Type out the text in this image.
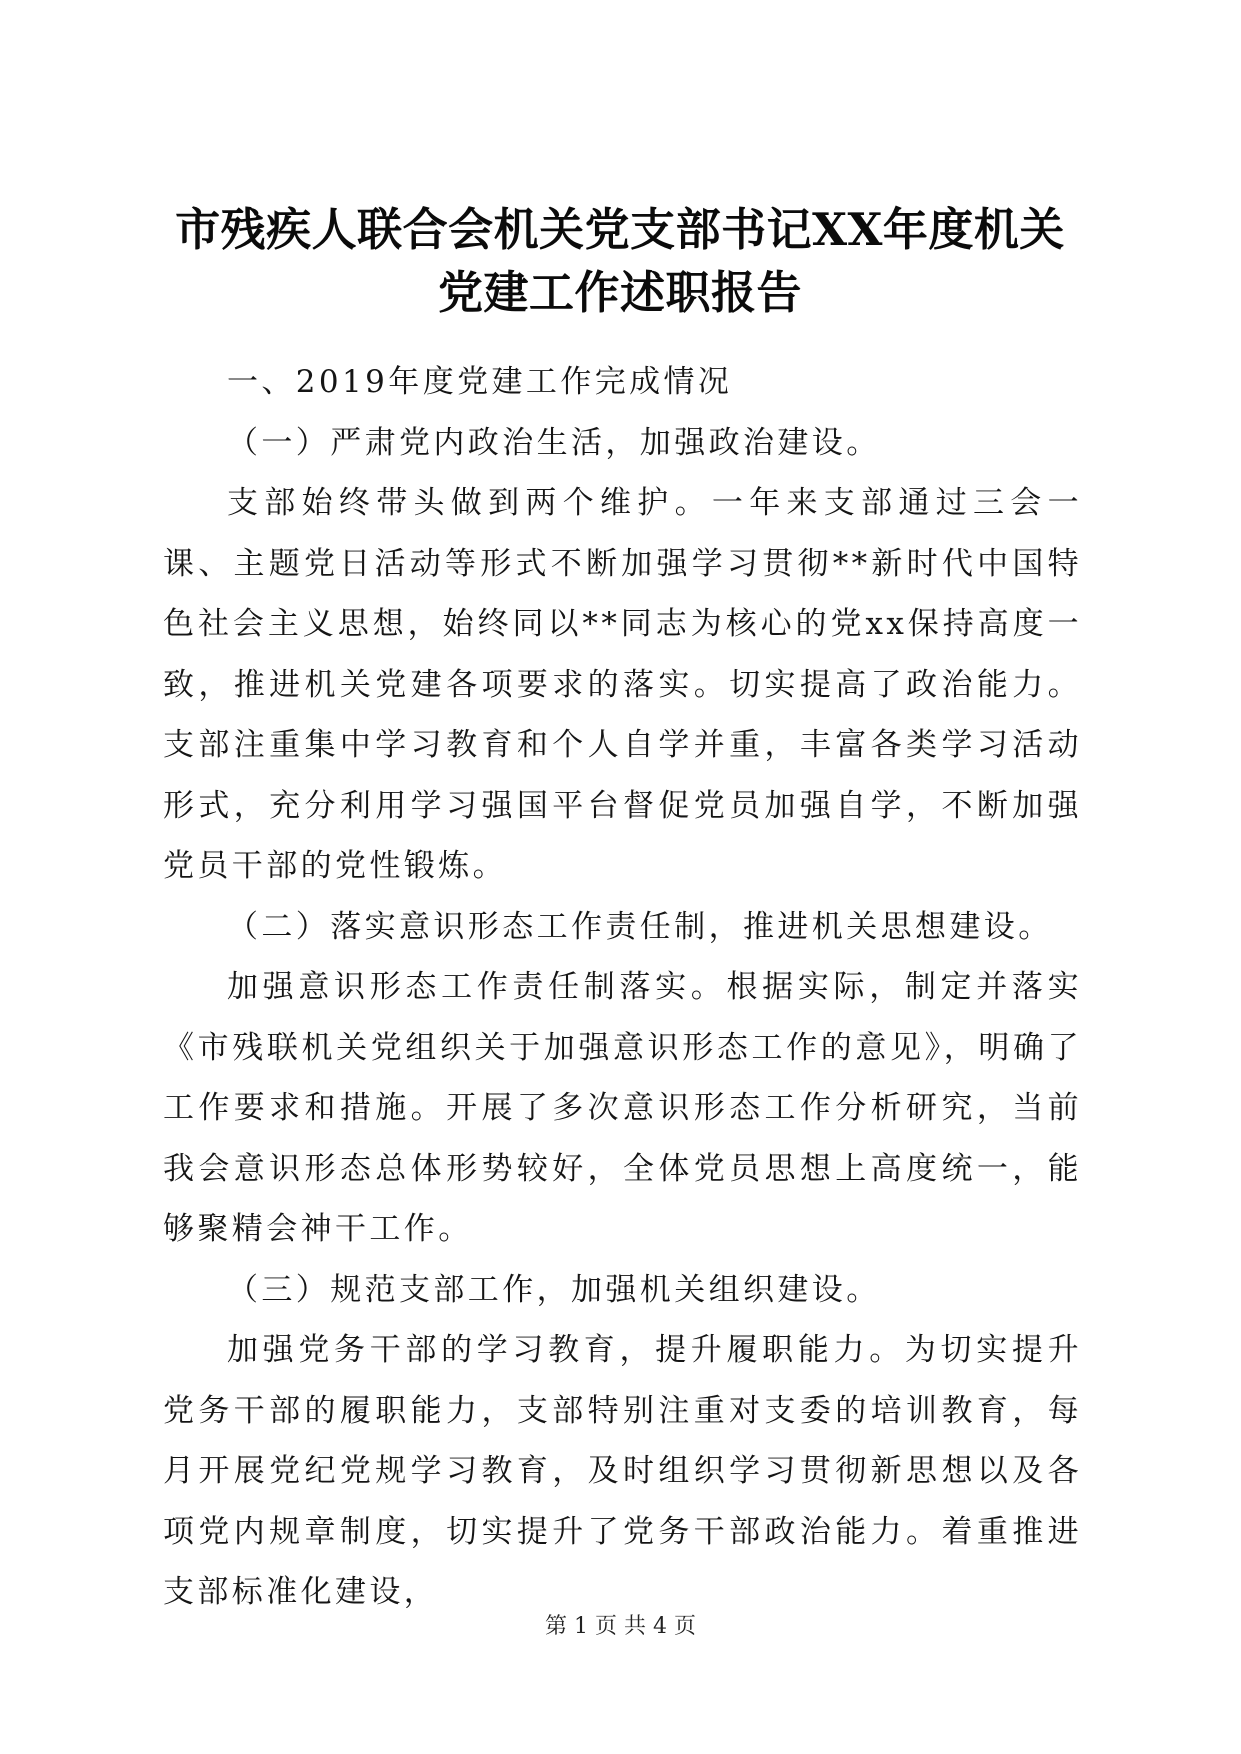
市残疾人联合会机关党支部书记XX年度机关
党建工作述职报告

一、2019年度党建工作完成情况

（一）严肃党内政治生活，加强政治建设。

支部始终带头做到两个维护。一年来支部通过三会一课、主题党日活动等形式不断加强学习贯彻**新时代中国特色社会主义思想，始终同以**同志为核心的党xx保持高度一致，推进机关党建各项要求的落实。切实提高了政治能力。支部注重集中学习教育和个人自学并重，丰富各类学习活动形式，充分利用学习强国平台督促党员加强自学，不断加强党员干部的党性锻炼。

（二）落实意识形态工作责任制，推进机关思想建设。

加强意识形态工作责任制落实。根据实际，制定并落实《市残联机关党组织关于加强意识形态工作的意见》，明确了工作要求和措施。开展了多次意识形态工作分析研究，当前我会意识形态总体形势较好，全体党员思想上高度统一，能够聚精会神干工作。

（三）规范支部工作，加强机关组织建设。

加强党务干部的学习教育，提升履职能力。为切实提升党务干部的履职能力，支部特别注重对支委的培训教育，每月开展党纪党规学习教育，及时组织学习贯彻新思想以及各项党内规章制度，切实提升了党务干部政治能力。着重推进支部标准化建设，

第 1 页 共 4 页
